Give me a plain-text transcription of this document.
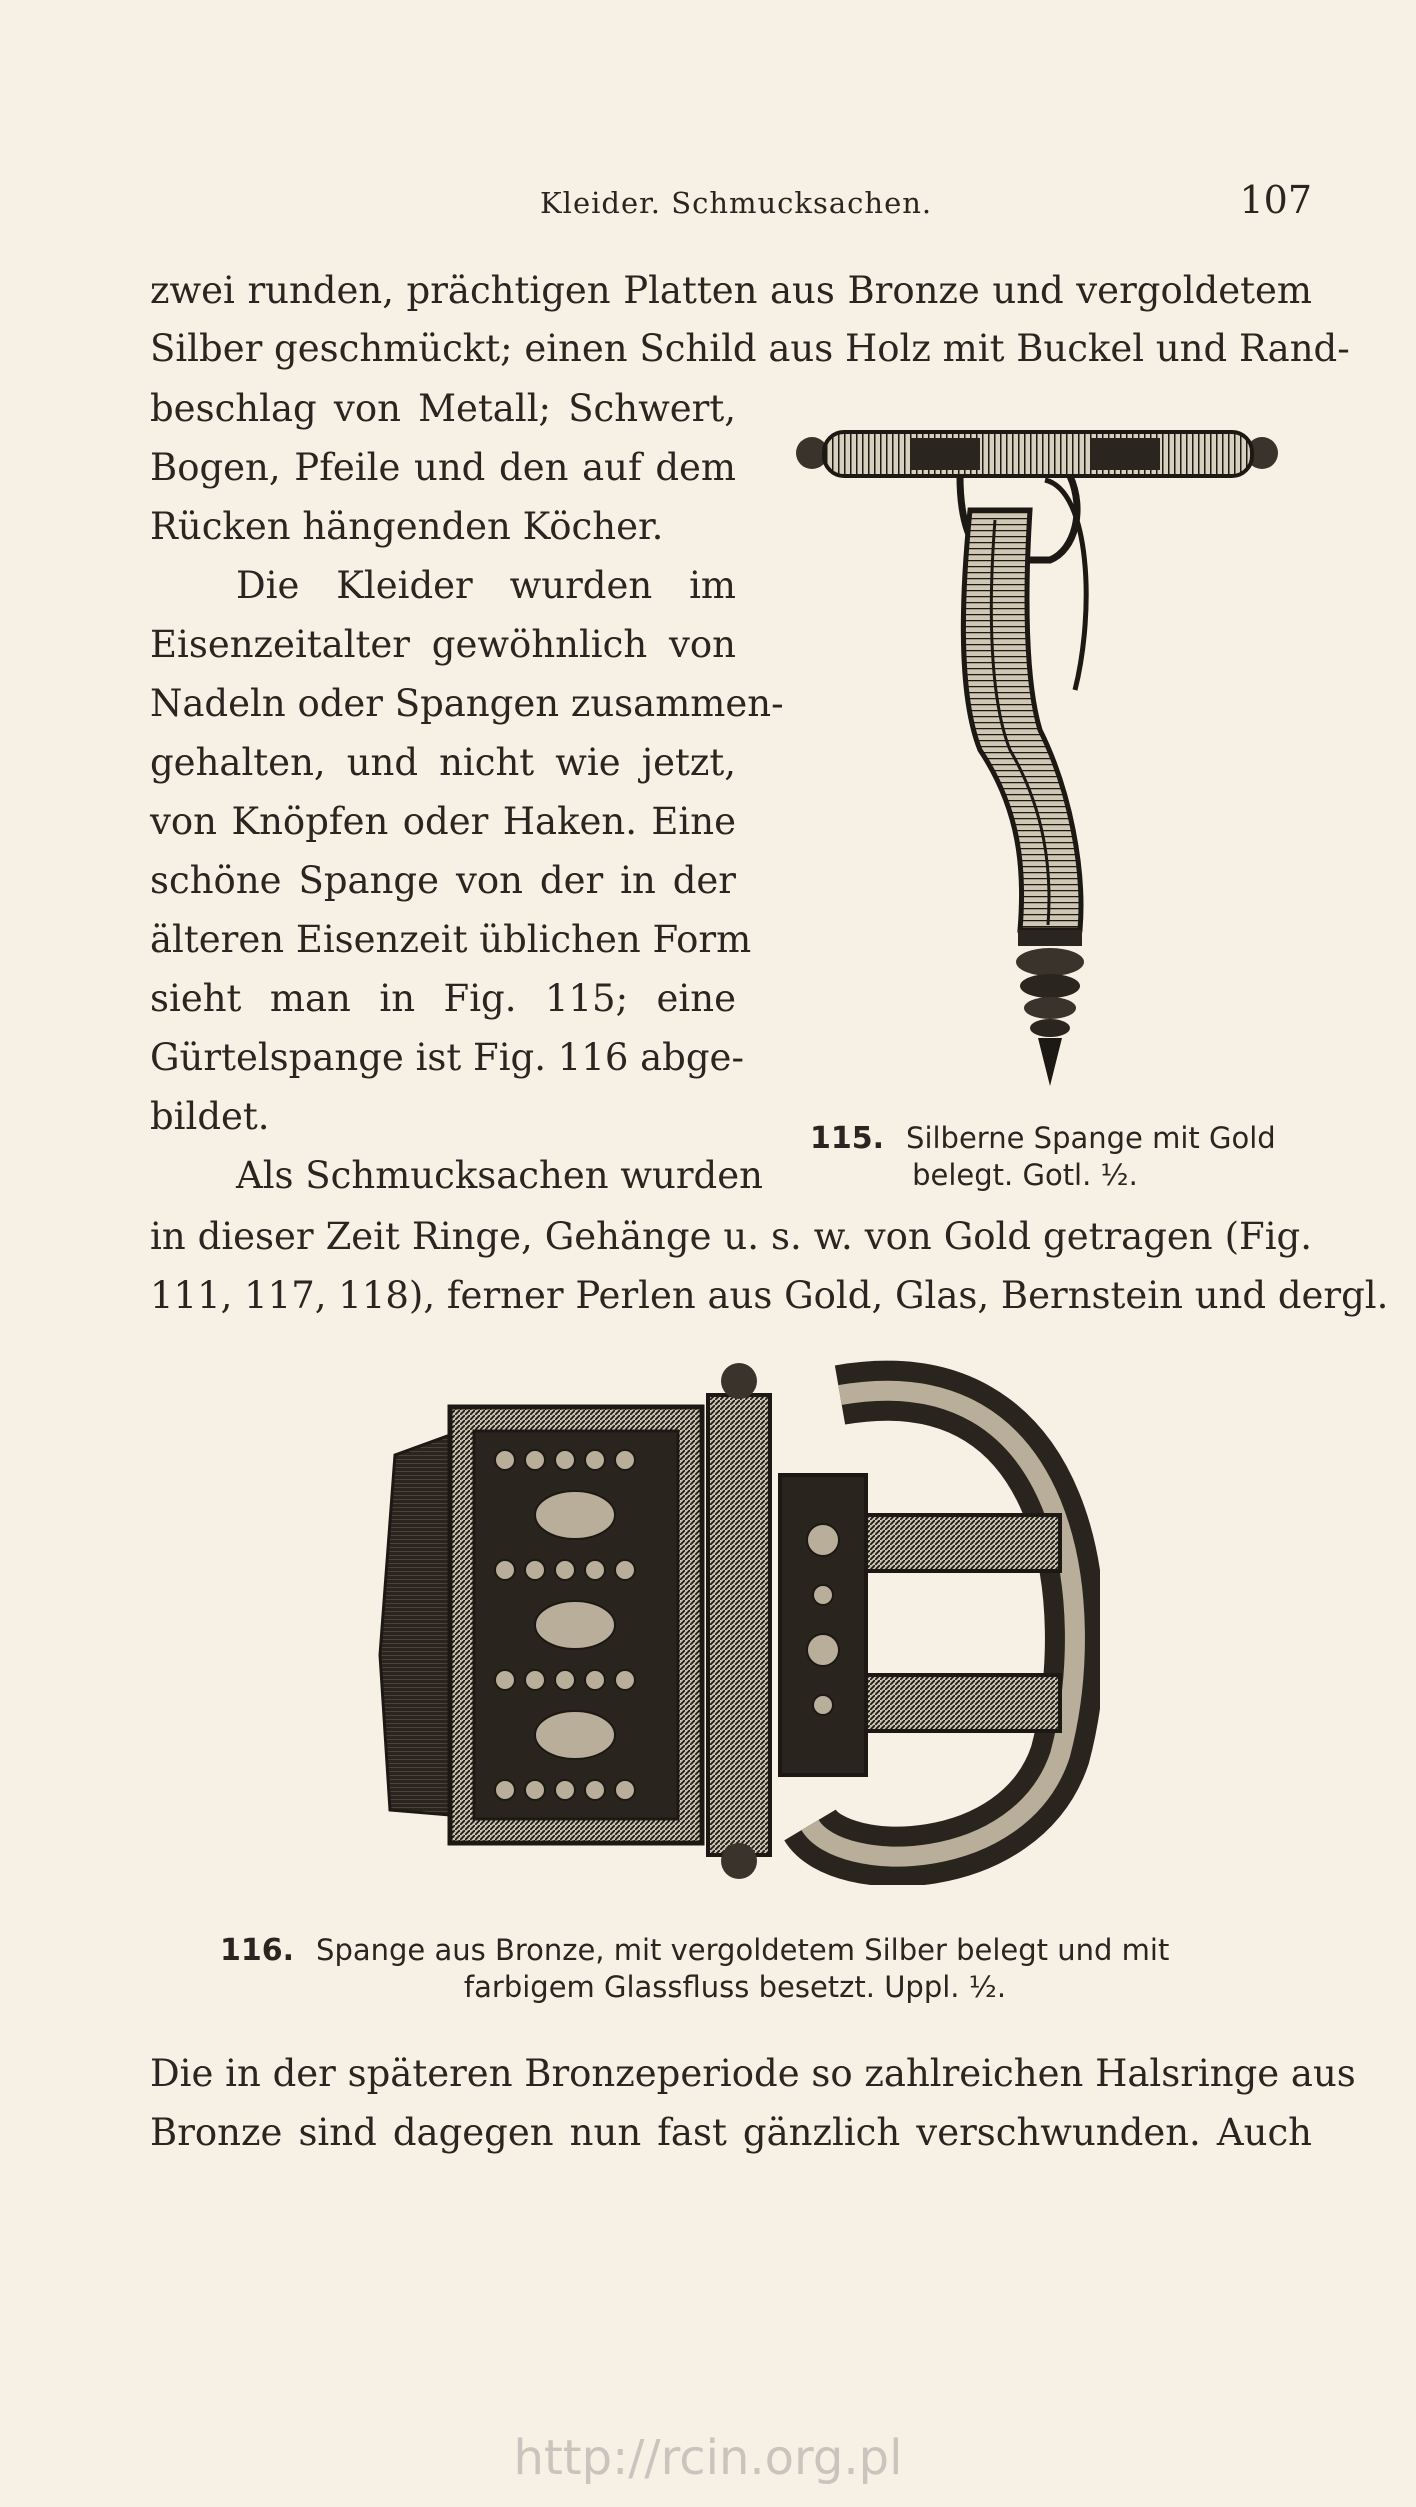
Kleider. Schmucksachen.	107
zwei runden, prächtigen Platten aus Bronze und vergoldetem
Silber geschmückt; einen Schild aus Holz mit Buckel und Rand-
beschlag von Metall; Schwert,
Bogen, Pfeile und den auf dem
Rücken hängenden Köcher.
Die Kleider wurden im
Eisenzeitalter gewöhnlich von
Nadeln oder Spangen zusammen-
gehalten, und nicht wie jetzt,
von Knöpfen oder Haken. Eine
schöne Spange von der in der
älteren Eisenzeit üblichen Form
sieht man in Fig. 115; eine
Gürtelspange ist Fig. 116 abge-
bildet.
Als Schmucksachen wurden
in dieser Zeit Ringe, Gehänge u. s. w. von Gold getragen (Fig.
111, 117, 118), ferner Perlen aus Gold, Glas, Bernstein und dergl.
115. Silberne Spange mit Gold
belegt. Gotl. ½.
116. Spange aus Bronze, mit vergoldetem Silber belegt und mit
farbigem Glassfluss besetzt. Uppl. ½.
Die in der späteren Bronzeperiode so zahlreichen Halsringe aus
Bronze sind dagegen nun fast gänzlich verschwunden. Auch
http://rcin.org.pl
